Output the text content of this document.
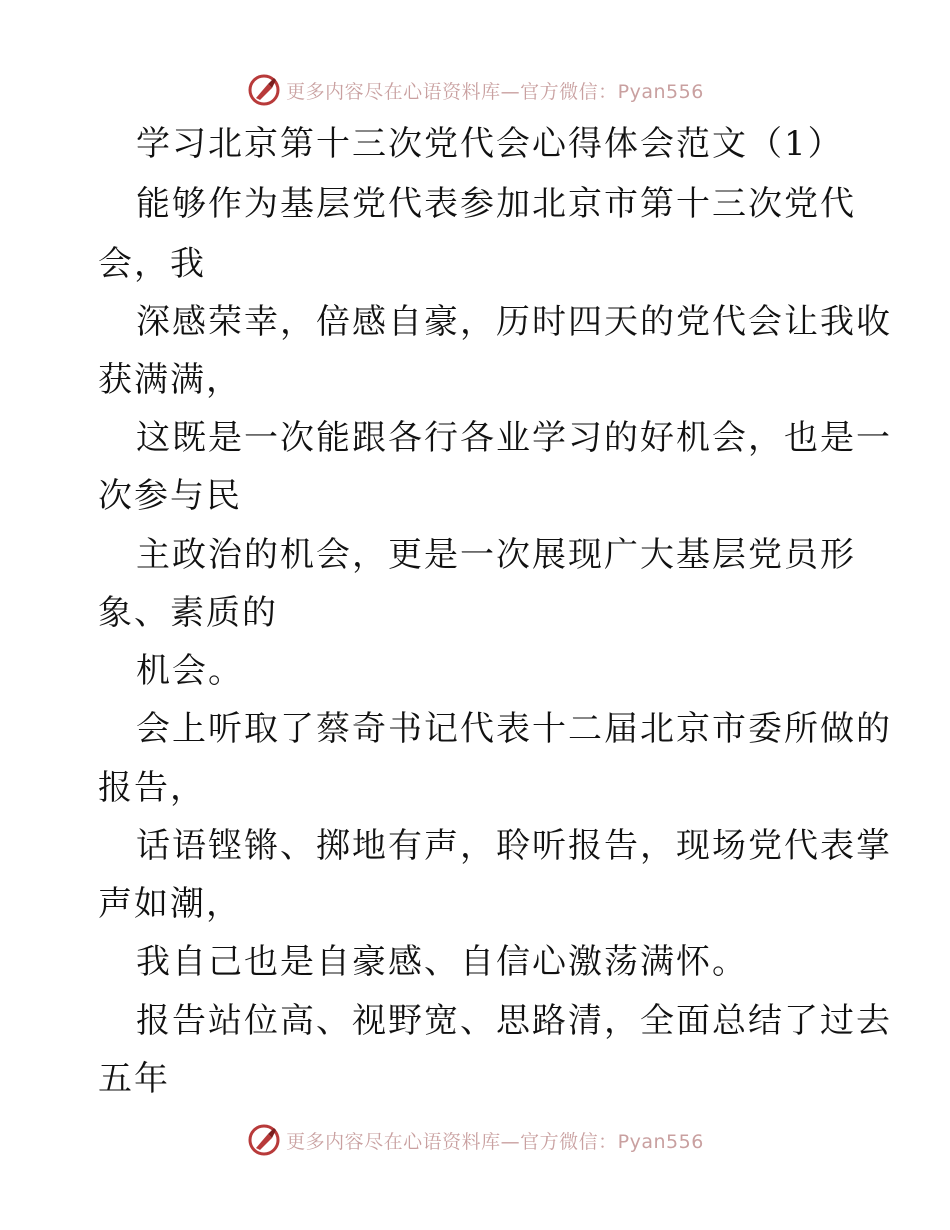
更多内容尽在心语资料库—官方微信：Pyan556
学习北京第十三次党代会心得体会范文（1）
能够作为基层党代表参加北京市第十三次党代
会，我
深感荣幸，倍感自豪，历时四天的党代会让我收
获满满，
这既是一次能跟各行各业学习的好机会，也是一
次参与民
主政治的机会，更是一次展现广大基层党员形
象、素质的
机会。
会上听取了蔡奇书记代表十二届北京市委所做的
报告，
话语铿锵、掷地有声，聆听报告，现场党代表掌
声如潮，
我自己也是自豪感、自信心激荡满怀。
报告站位高、视野宽、思路清，全面总结了过去
五年
更多内容尽在心语资料库—官方微信：Pyan556
